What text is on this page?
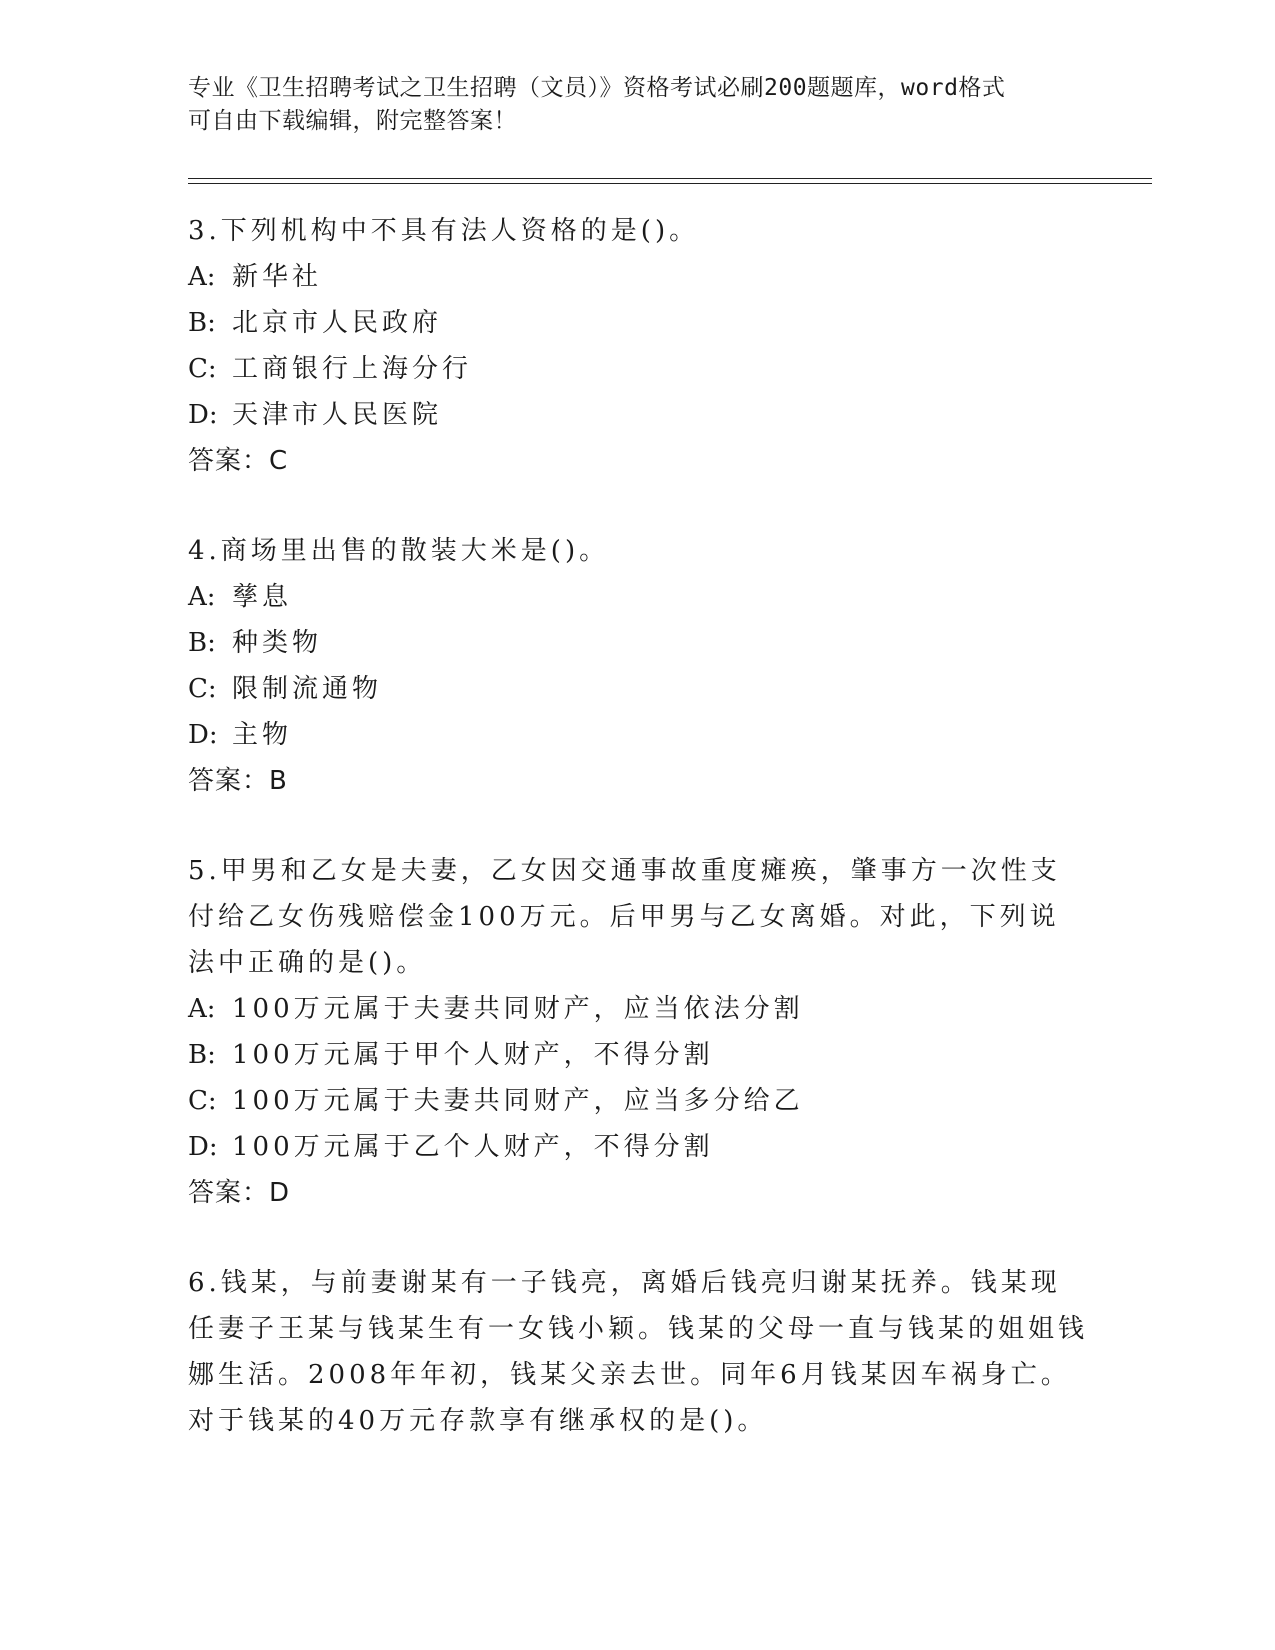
专业《卫生招聘考试之卫生招聘（文员）》资格考试必刷200题题库，word格式
可自由下载编辑，附完整答案！
3.下列机构中不具有法人资格的是()。
A: 新华社
B: 北京市人民政府
C: 工商银行上海分行
D: 天津市人民医院
答案：C
4.商场里出售的散装大米是()。
A: 孳息
B: 种类物
C: 限制流通物
D: 主物
答案：B
5.甲男和乙女是夫妻，乙女因交通事故重度瘫痪，肇事方一次性支付给乙女伤残赔偿金100万元。后甲男与乙女离婚。对此，下列说法中正确的是()。
A: 100万元属于夫妻共同财产，应当依法分割
B: 100万元属于甲个人财产，不得分割
C: 100万元属于夫妻共同财产，应当多分给乙
D: 100万元属于乙个人财产，不得分割
答案：D
6.钱某，与前妻谢某有一子钱亮，离婚后钱亮归谢某抚养。钱某现任妻子王某与钱某生有一女钱小颖。钱某的父母一直与钱某的姐姐钱娜生活。2008年年初，钱某父亲去世。同年6月钱某因车祸身亡。对于钱某的40万元存款享有继承权的是()。
